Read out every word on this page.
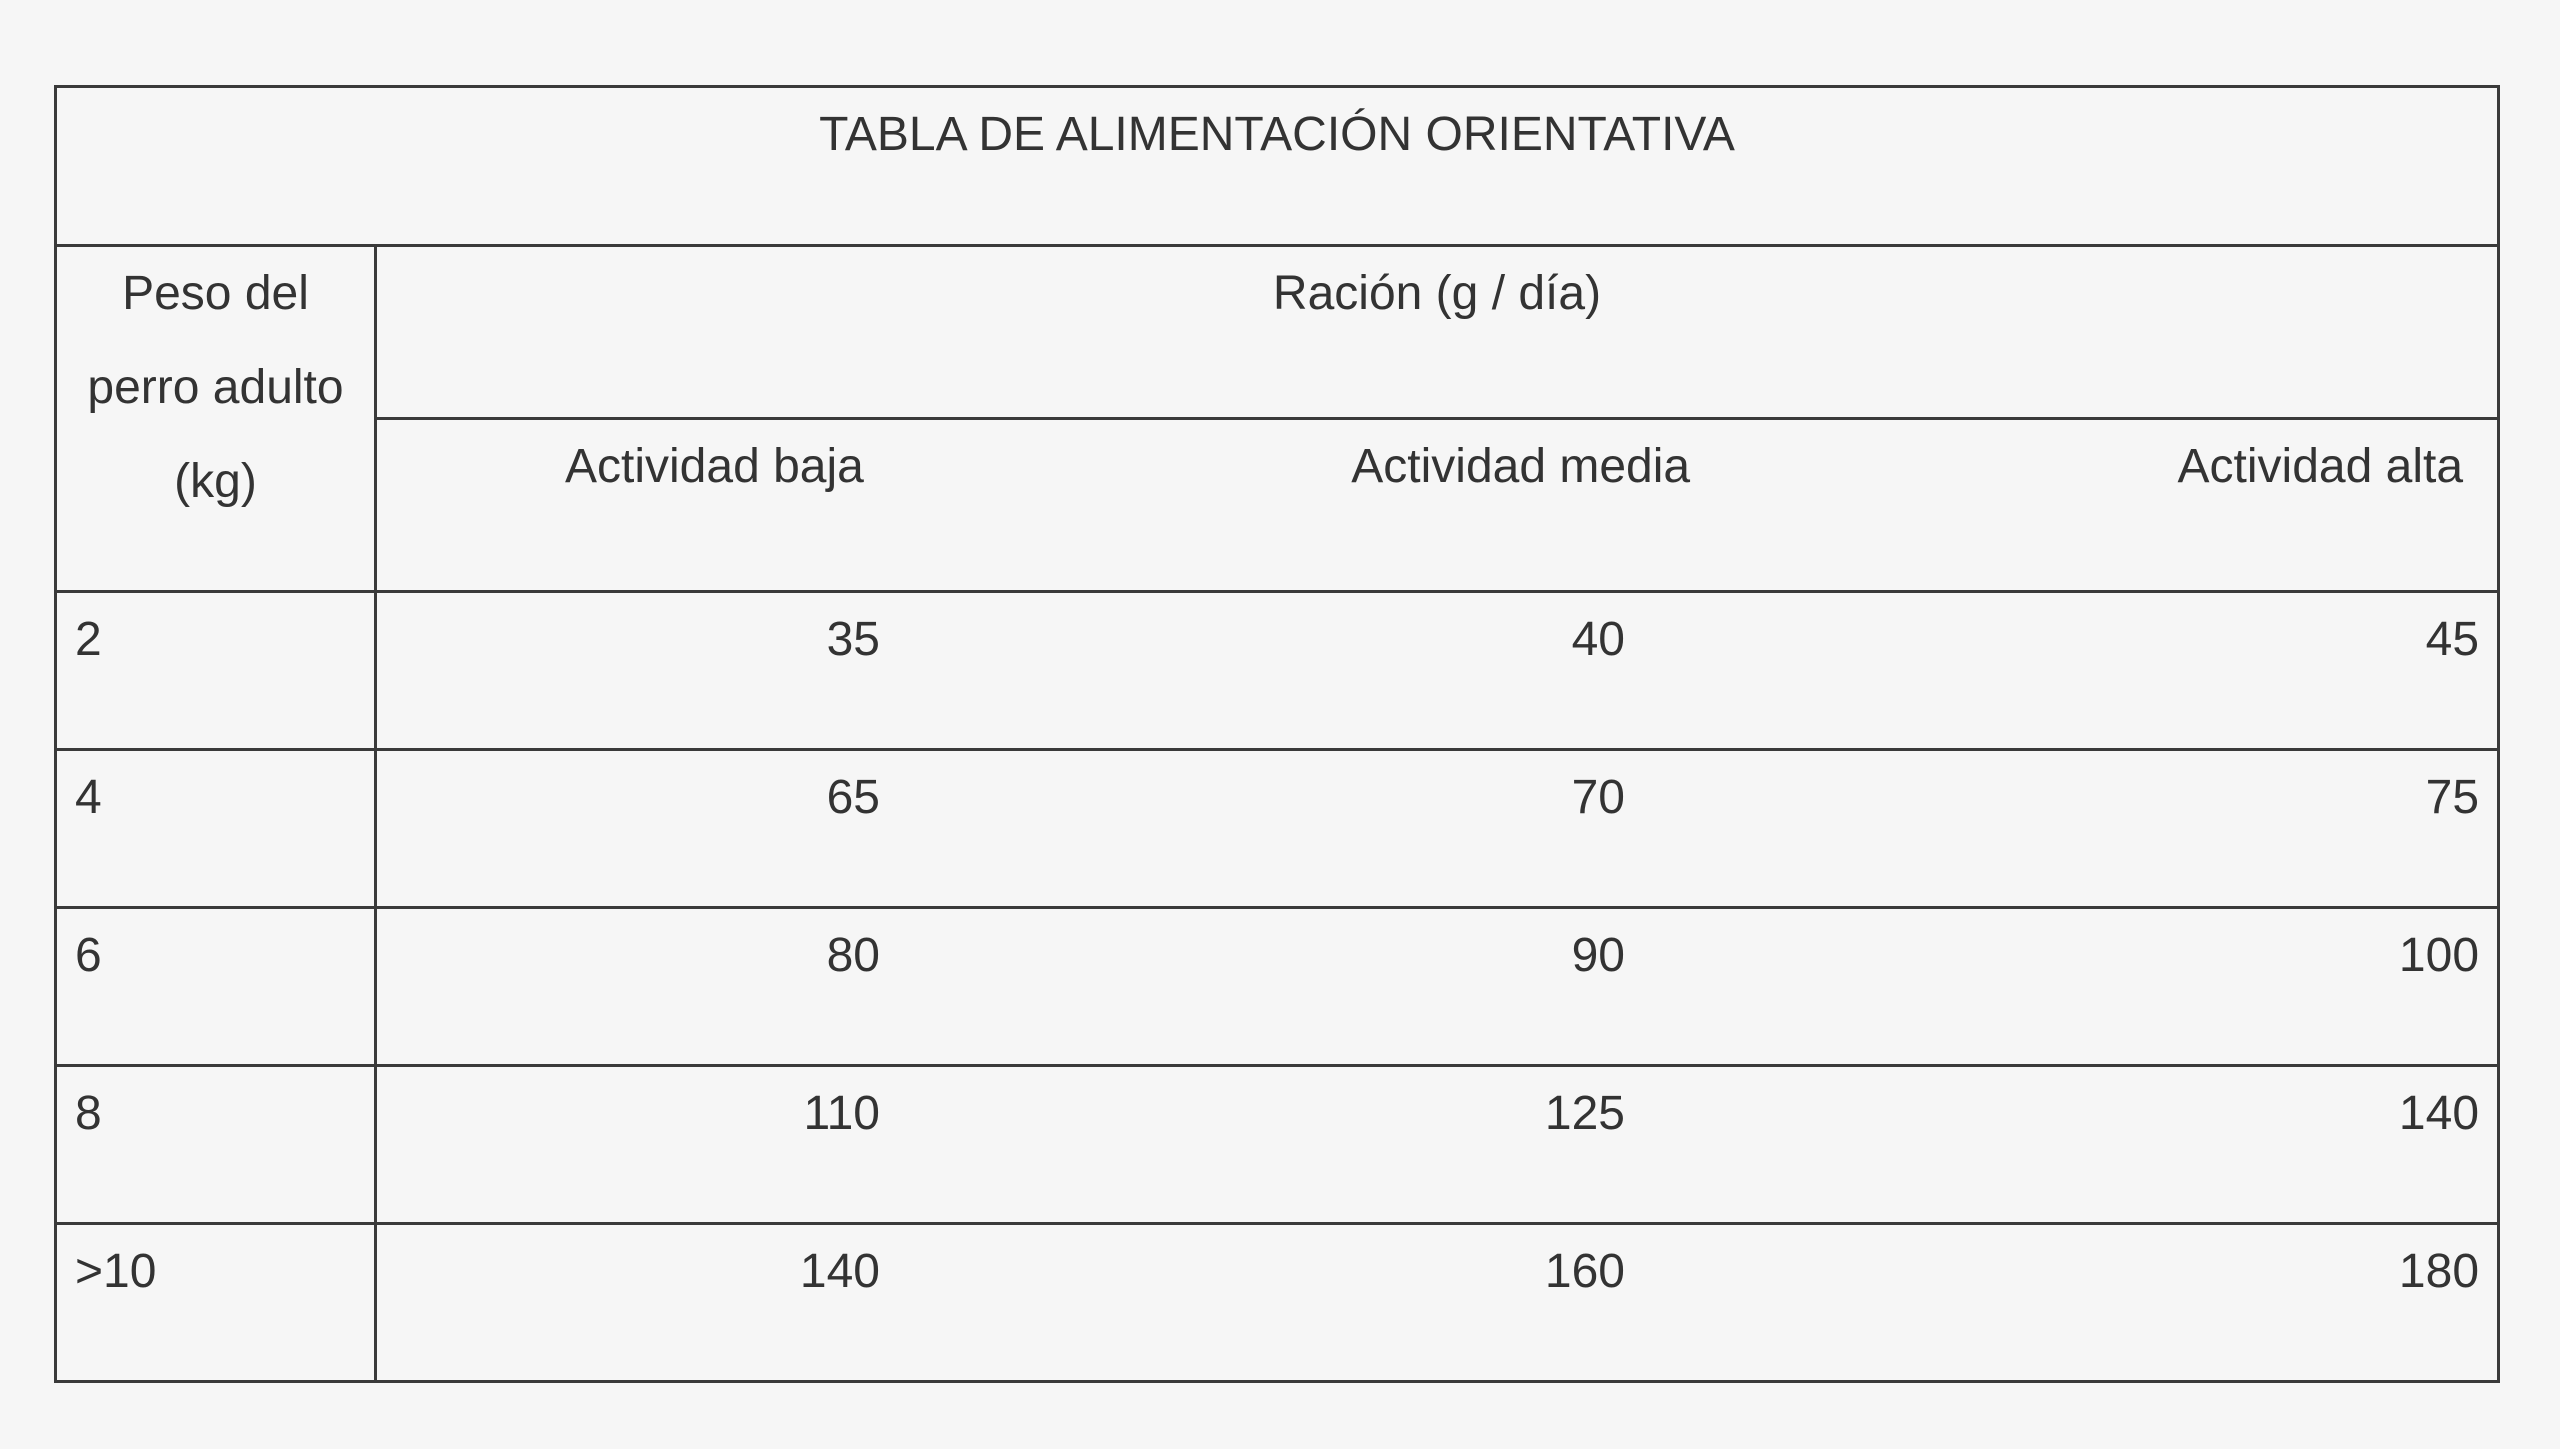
TABLA DE ALIMENTACIÓN ORIENTATIVA	

Peso del
perro adulto
(kg)	Ración (g / día)

	Actividad baja Actividad media Actividad alta

2	35 40 45

4	65 70 75

6	80 90 100

8	110 125 140

>10	140 160 180
